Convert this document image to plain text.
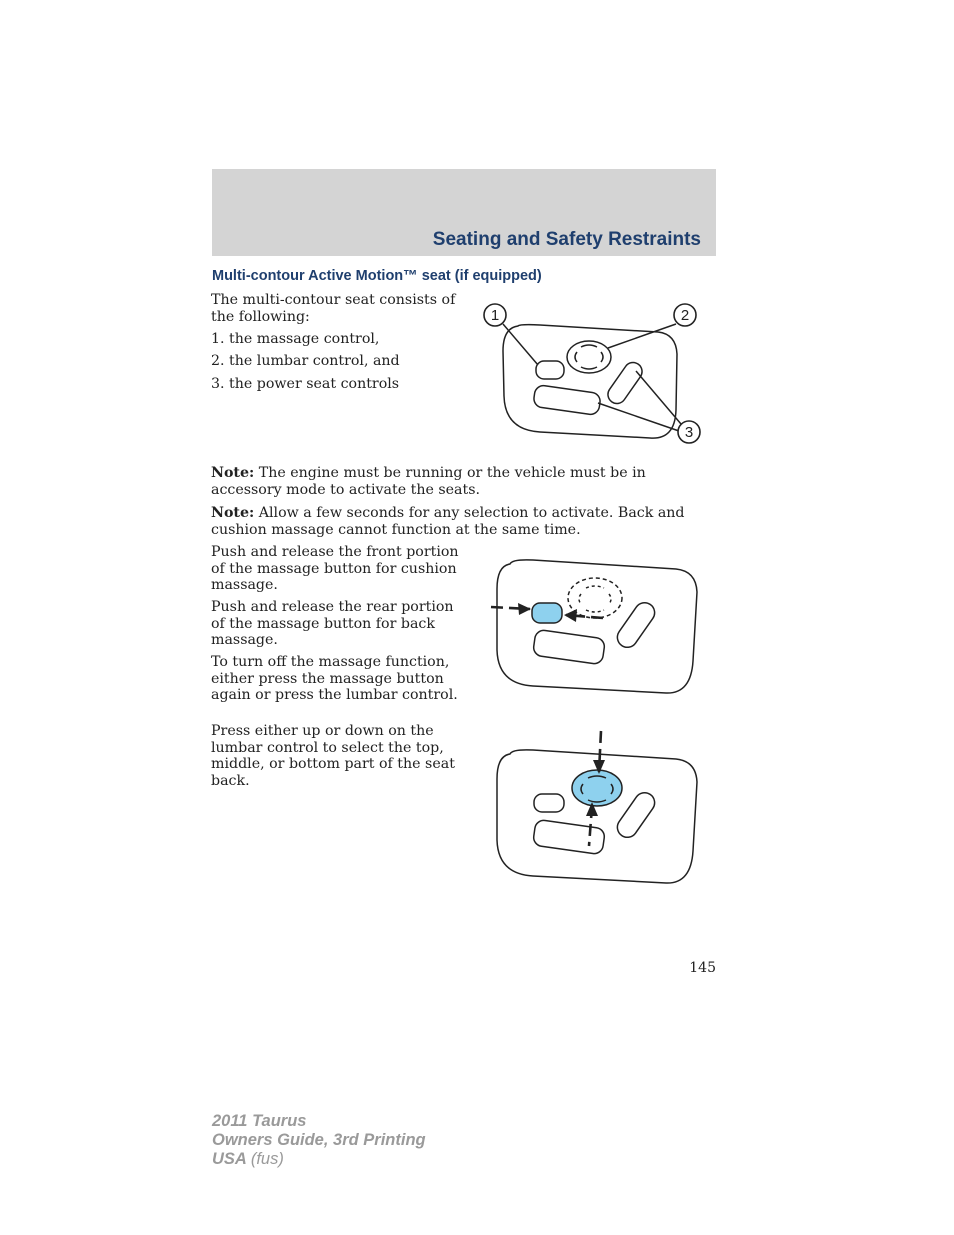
Seating and Safety Restraints
Multi-contour Active Motion™ seat (if equipped)

The multi-contour seat consists of the following:

1. the massage control,

2. the lumbar control, and

3. the power seat controls

1	2
3

Note: The engine must be running or the vehicle must be in accessory mode to activate the seats.

Note: Allow a few seconds for any selection to activate. Back and cushion massage cannot function at the same time.

Push and release the front portion of the massage button for cushion massage.

Push and release the rear portion of the massage button for back massage.

To turn off the massage function, either press the massage button again or press the lumbar control.

Press either up or down on the lumbar control to select the top, middle, or bottom part of the seat back.

145
2011 Taurus
Owners Guide, 3rd Printing
USA (fus)
